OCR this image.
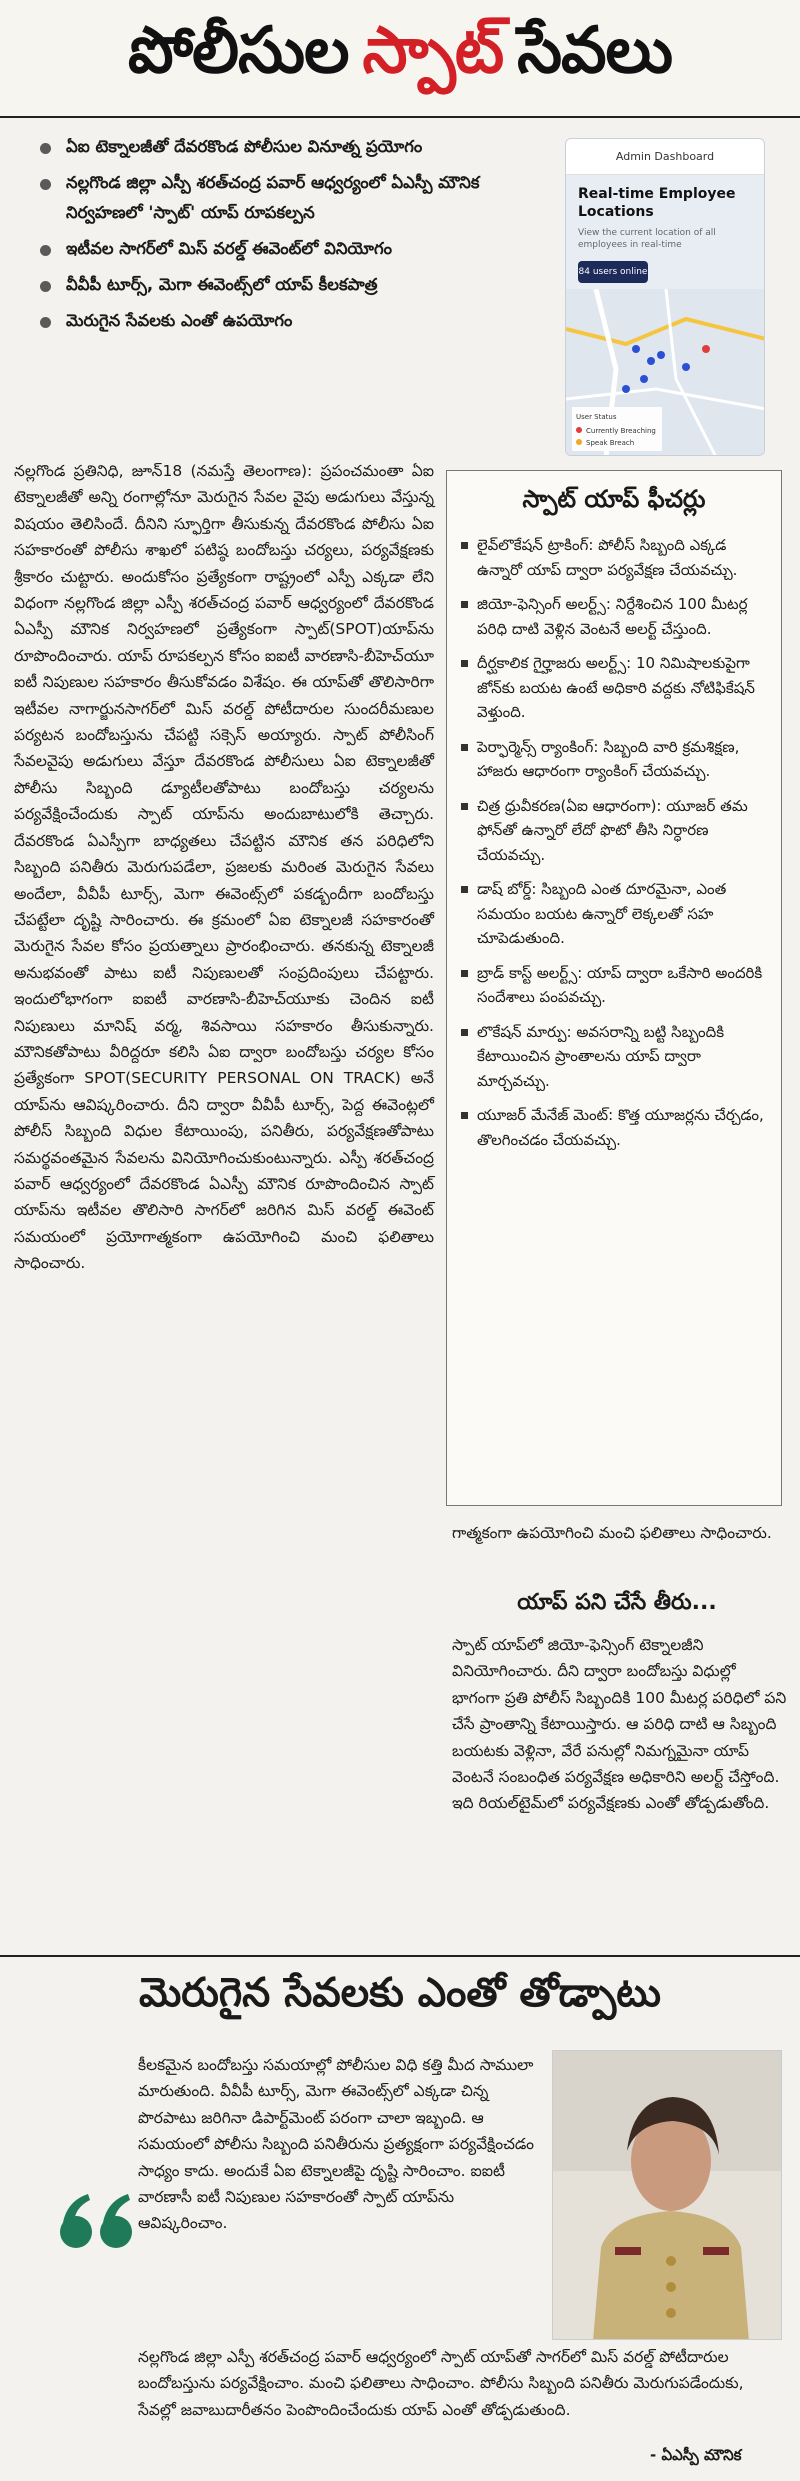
పోలీసుల స్పాట్ సేవలు
ఏఐ టెక్నాలజీతో దేవరకొండ పోలీసుల వినూత్న ప్రయోగం
నల్లగొండ జిల్లా ఎస్పీ శరత్‌చంద్ర పవార్ ఆధ్వర్యంలో ఏఎస్పీ మౌనిక నిర్వహణలో 'స్పాట్' యాప్ రూపకల్పన
ఇటీవల సాగర్‌లో మిస్ వరల్డ్ ఈవెంట్‌లో వినియోగం
వీవీపీ టూర్స్, మెగా ఈవెంట్స్‌లో యాప్ కీలకపాత్ర
మెరుగైన సేవలకు ఎంతో ఉపయోగం
Admin Dashboard
Real-time Employee Locations
View the current location of all employees in real-time
84 users online
User Status
Currently Breaching
Speak Breach

నల్లగొండ ప్రతినిధి, జూన్18 (నమస్తే తెలంగాణ): ప్రపంచమంతా ఏఐ టెక్నాలజీతో అన్ని రంగాల్లోనూ మెరుగైన సేవల వైపు అడుగులు వేస్తున్న విషయం తెలిసిందే. దీనిని స్ఫూర్తిగా తీసుకున్న దేవరకొండ పోలీసు ఏఐ సహకారంతో పోలీసు శాఖలో పటిష్ఠ బందోబస్తు చర్యలు, పర్యవేక్షణకు శ్రీకారం చుట్టారు. అందుకోసం ప్రత్యేకంగా రాష్ట్రంలో ఎస్పీ ఎక్కడా లేని విధంగా నల్లగొండ జిల్లా ఎస్పీ శరత్‌చంద్ర పవార్ ఆధ్వర్యంలో దేవరకొండ ఏఎస్పీ మౌనిక నిర్వహణలో ప్రత్యేకంగా స్పాట్(SPOT)యాప్‌ను రూపొందించారు. యాప్ రూపకల్పన కోసం ఐఐటీ వారణాసి-బీహెచ్‌యూ ఐటీ నిపుణుల సహకారం తీసుకోవడం విశేషం. ఈ యాప్‌తో తొలిసారిగా ఇటీవల నాగార్జునసాగర్‌లో మిస్ వరల్డ్ పోటీదారుల సుందరీమణుల పర్యటన బందోబస్తును చేపట్టి సక్సెస్ అయ్యారు. స్పాట్ పోలీసింగ్ సేవలవైపు అడుగులు వేస్తూ దేవరకొండ పోలీసులు ఏఐ టెక్నాలజీతో పోలీసు సిబ్బంది డ్యూటీలతోపాటు బందోబస్తు చర్యలను పర్యవేక్షించేందుకు స్పాట్ యాప్‌ను అందుబాటులోకి తెచ్చారు. దేవరకొండ ఏఎస్పీగా బాధ్యతలు చేపట్టిన మౌనిక తన పరిధిలోని సిబ్బంది పనితీరు మెరుగుపడేలా, ప్రజలకు మరింత మెరుగైన సేవలు అందేలా, వీవీపీ టూర్స్, మెగా ఈవెంట్స్‌లో పకడ్బందీగా బందోబస్తు చేపట్టేలా దృష్టి సారించారు. ఈ క్రమంలో ఏఐ టెక్నాలజీ సహకారంతో మెరుగైన సేవల కోసం ప్రయత్నాలు ప్రారంభించారు. తనకున్న టెక్నాలజీ అనుభవంతో పాటు ఐటీ నిపుణులతో సంప్రదింపులు చేపట్టారు. ఇందులోభాగంగా ఐఐటీ వారణాసి-బీహెచ్‌యూకు చెందిన ఐటీ నిపుణులు మానిష్ వర్మ, శివసాయి సహకారం తీసుకున్నారు. మౌనికతోపాటు వీరిద్దరూ కలిసి ఏఐ ద్వారా బందోబస్తు చర్యల కోసం ప్రత్యేకంగా SPOT(SECURITY PERSONAL ON TRACK) అనే యాప్‌ను ఆవిష్కరించారు. దీని ద్వారా వీవీపీ టూర్స్, పెద్ద ఈవెంట్లలో పోలీస్ సిబ్బంది విధుల కేటాయింపు, పనితీరు, పర్యవేక్షణతోపాటు సమర్థవంతమైన సేవలను వినియోగించుకుంటున్నారు. ఎస్పీ శరత్‌చంద్ర పవార్ ఆధ్వర్యంలో దేవరకొండ ఏఎస్పీ మౌనిక రూపొందించిన స్పాట్ యాప్‌ను ఇటీవల తొలిసారి సాగర్‌లో జరిగిన మిస్ వరల్డ్ ఈవెంట్ సమయంలో ప్రయోగాత్మకంగా ఉపయోగించి మంచి ఫలితాలు సాధించారు.

స్పాట్ యాప్ ఫీచర్లు
లైవ్‌లొకేషన్ ట్రాకింగ్: పోలీస్ సిబ్బంది ఎక్కడ ఉన్నారో యాప్ ద్వారా పర్యవేక్షణ చేయవచ్చు.
జియో-ఫెన్సింగ్ అలర్ట్స్: నిర్దేశించిన 100 మీటర్ల పరిధి దాటి వెళ్లిన వెంటనే అలర్ట్ చేస్తుంది.
దీర్ఘకాలిక గైర్హాజరు అలర్ట్స్: 10 నిమిషాలకుపైగా జోన్‌కు బయట ఉంటే అధికారి వద్దకు నోటిఫికేషన్ వెళ్తుంది.
పెర్ఫార్మెన్స్ ర్యాంకింగ్: సిబ్బంది వారి క్రమశిక్షణ, హాజరు ఆధారంగా ర్యాంకింగ్ చేయవచ్చు.
చిత్ర ధ్రువీకరణ(ఏఐ ఆధారంగా): యూజర్ తమ ఫోన్‌తో ఉన్నారో లేదో ఫొటో తీసి నిర్ధారణ చేయవచ్చు.
డాష్ బోర్డ్: సిబ్బంది ఎంత దూరమైనా, ఎంత సమయం బయట ఉన్నారో లెక్కలతో సహ చూపెడుతుంది.
బ్రాడ్ కాస్ట్ అలర్ట్స్: యాప్ ద్వారా ఒకేసారి అందరికి సందేశాలు పంపవచ్చు.
లొకేషన్ మార్పు: అవసరాన్ని బట్టి సిబ్బందికి కేటాయించిన ప్రాంతాలను యాప్ ద్వారా మార్చవచ్చు.
యూజర్ మేనేజ్ మెంట్: కొత్త యూజర్లను చేర్చడం, తొలగించడం చేయవచ్చు.
గాత్మకంగా ఉపయోగించి మంచి ఫలితాలు సాధించారు.
యాప్ పని చేసే తీరు...
స్పాట్ యాప్‌లో జియో-ఫెన్సింగ్ టెక్నాలజీని వినియోగించారు. దీని ద్వారా బందోబస్తు విధుల్లో భాగంగా ప్రతి పోలీస్ సిబ్బందికి 100 మీటర్ల పరిధిలో పని చేసే ప్రాంతాన్ని కేటాయిస్తారు. ఆ పరిధి దాటి ఆ సిబ్బంది బయటకు వెళ్లినా, వేరే పనుల్లో నిమగ్నమైనా యాప్ వెంటనే సంబంధిత పర్యవేక్షణ అధికారిని అలర్ట్ చేస్తోంది. ఇది రియల్‌టైమ్‌లో పర్యవేక్షణకు ఎంతో తోడ్పడుతోంది.
మెరుగైన సేవలకు ఎంతో తోడ్పాటు
కీలకమైన బందోబస్తు సమయాల్లో పోలీసుల విధి కత్తి మీద సాములా మారుతుంది. వీవీపీ టూర్స్, మెగా ఈవెంట్స్‌లో ఎక్కడా చిన్న పొరపాటు జరిగినా డిపార్ట్‌మెంట్ పరంగా చాలా ఇబ్బంది. ఆ సమయంలో పోలీసు సిబ్బంది పనితీరును ప్రత్యక్షంగా పర్యవేక్షించడం సాధ్యం కాదు. అందుకే ఏఐ టెక్నాలజీపై దృష్టి సారించాం. ఐఐటీ వారణాసీ ఐటీ నిపుణుల సహకారంతో స్పాట్ యాప్‌ను ఆవిష్కరించాం.
నల్లగొండ జిల్లా ఎస్పీ శరత్‌చంద్ర పవార్ ఆధ్వర్యంలో స్పాట్ యాప్‌తో సాగర్‌లో మిస్ వరల్డ్ పోటీదారుల బందోబస్తును పర్యవేక్షించాం. మంచి ఫలితాలు సాధించాం. పోలీసు సిబ్బంది పనితీరు మెరుగుపడేందుకు, సేవల్లో జవాబుదారీతనం పెంపొందించేందుకు యాప్ ఎంతో తోడ్పడుతుంది.
- ఏఎస్పీ మౌనిక
